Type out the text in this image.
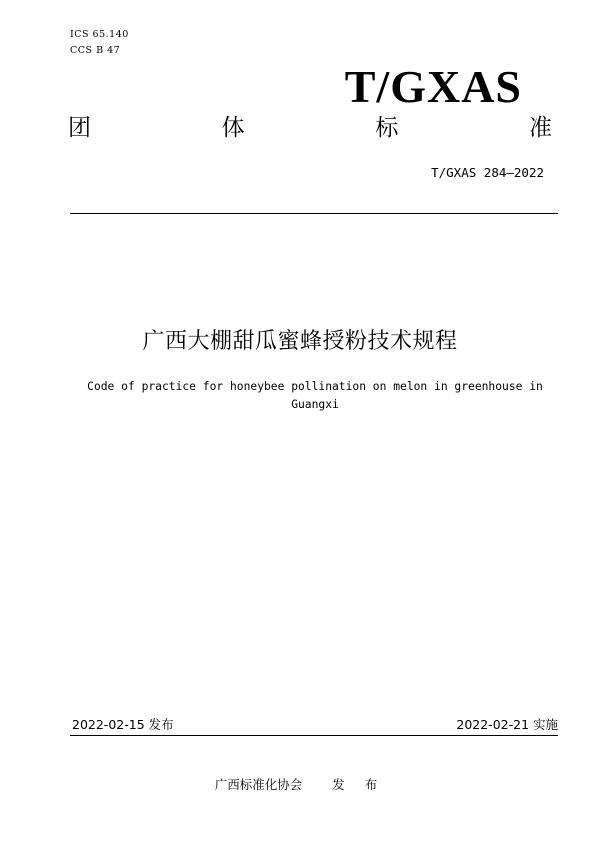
ICS 65.140
CCS B 47
T/GXAS
团	体	标	准
T/GXAS 284—2022
广西大棚甜瓜蜜蜂授粉技术规程
Code of practice for honeybee pollination on melon in greenhouse in Guangxi
2022-02-15 发布	2022-02-21 实施
广西标准化协会 发 布
